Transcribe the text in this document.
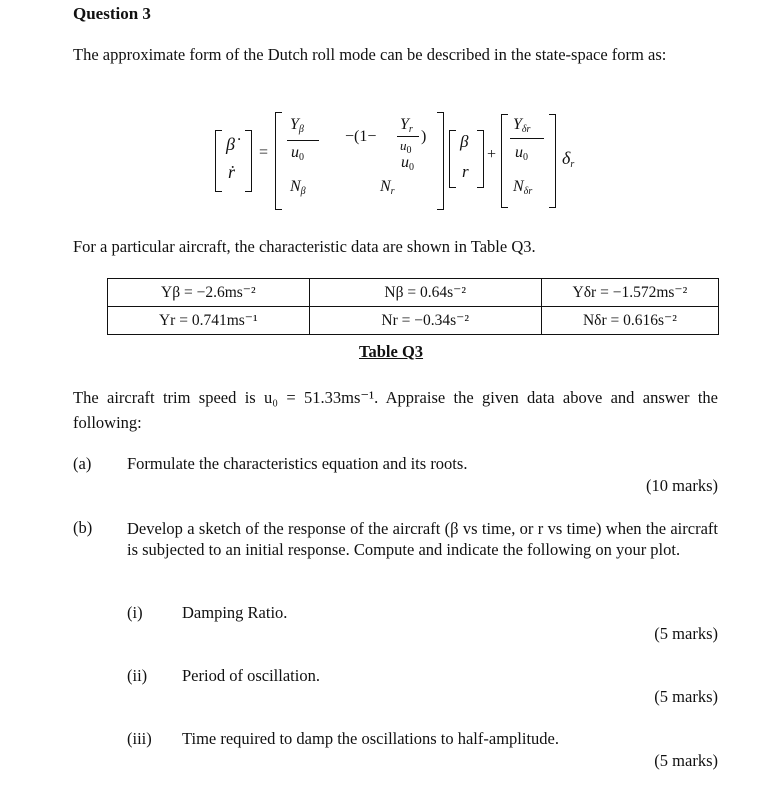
Question 3
The approximate form of the Dutch roll mode can be described in the state-space form as:
β̇
ṙ
=
$Y_\beta$
$u_0$
−(1−
$Y_r$
$u_0$
)
$u_0$
$N_\beta$	$N_r$
β
r
+
$Y_{\delta r}$
$u_0$
$N_{\delta r}$
$\delta_r$
For a particular aircraft, the characteristic data are shown in Table Q3.
Yβ = −2.6ms⁻²	Nβ = 0.64s⁻²	Yδr = −1.572ms⁻²
Yr = 0.741ms⁻¹	Nr = −0.34s⁻²	Nδr = 0.616s⁻²
Table Q3
The aircraft trim speed is u₀ = 51.33ms⁻¹. Appraise the given data above and answer the following:
(a) Formulate the characteristics equation and its roots.
(10 marks)
(b) Develop a sketch of the response of the aircraft (β vs time, or r vs time) when the aircraft is subjected to an initial response. Compute and indicate the following on your plot.
(i) Damping Ratio.
(5 marks)
(ii) Period of oscillation.
(5 marks)
(iii) Time required to damp the oscillations to half-amplitude.
(5 marks)
